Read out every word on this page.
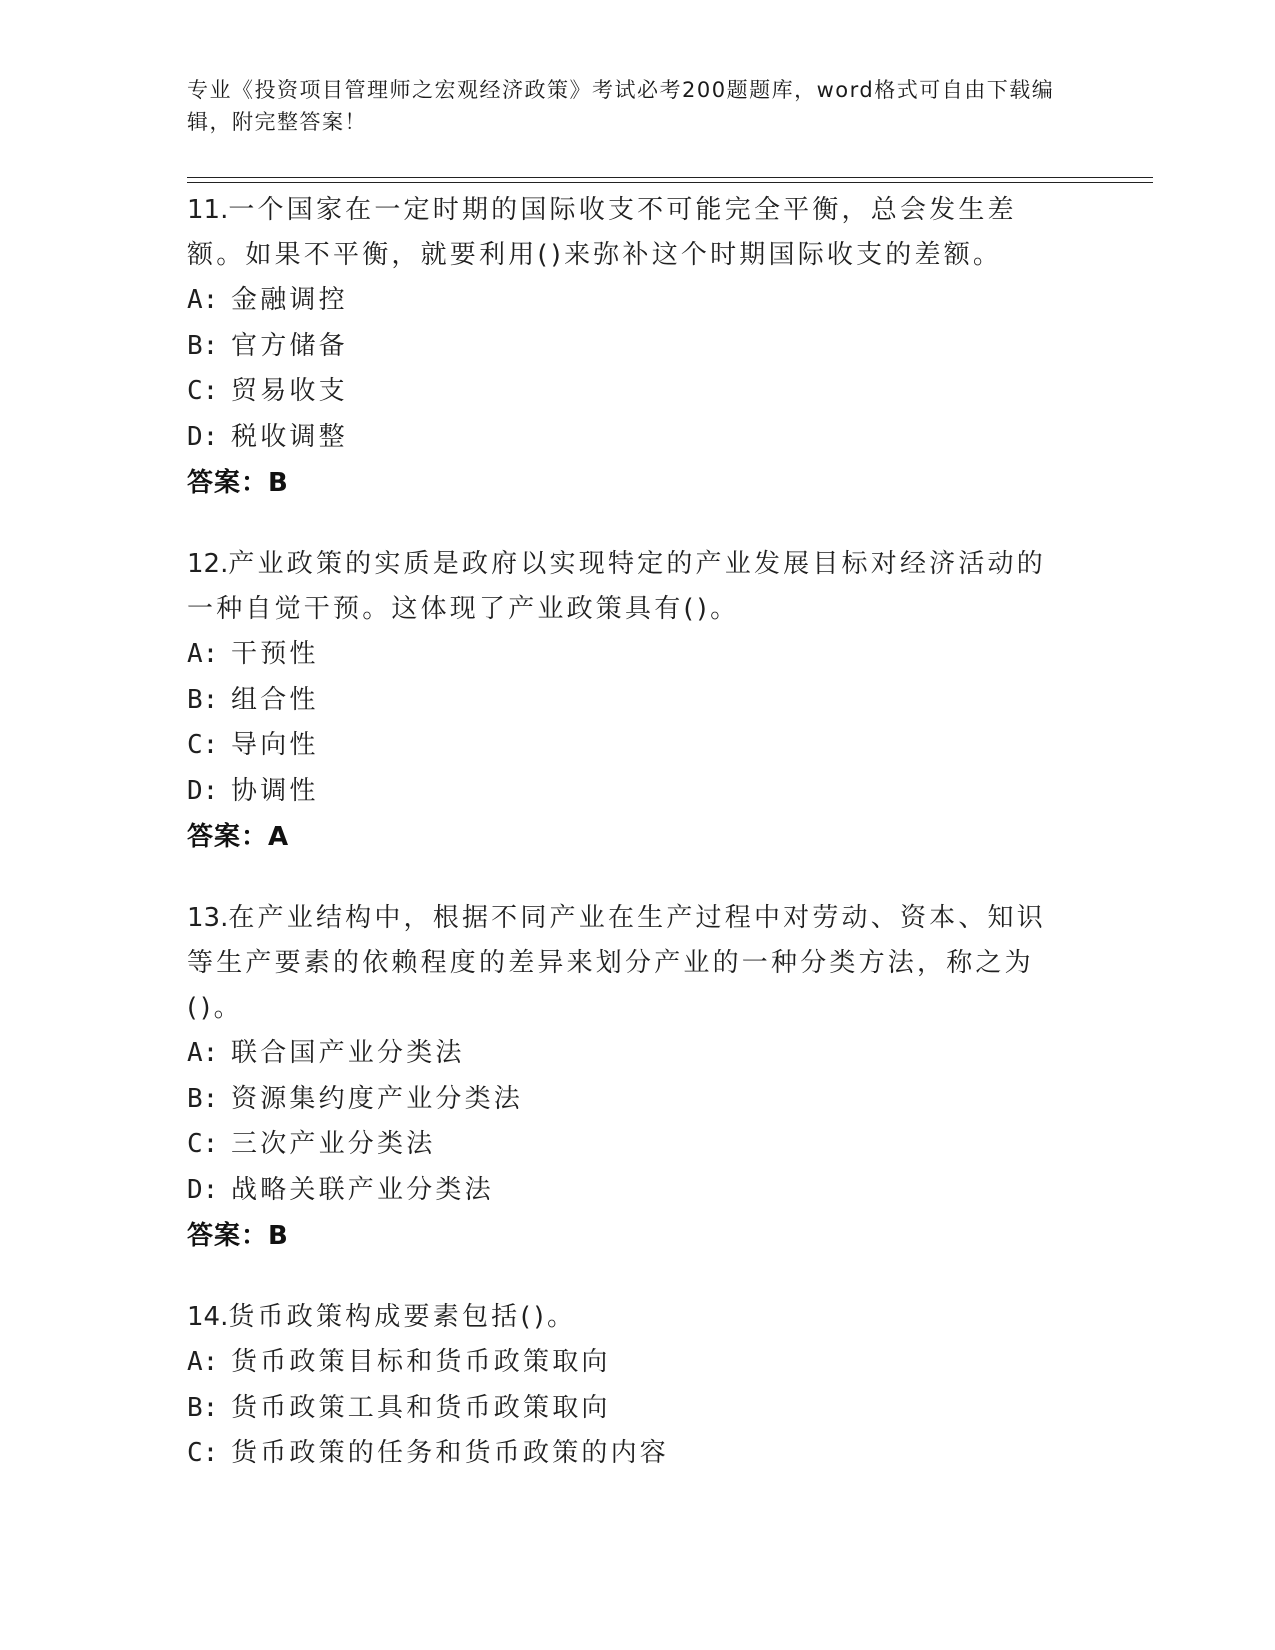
专业《投资项目管理师之宏观经济政策》考试必考200题题库，word格式可自由下载编辑，附完整答案！
11.一个国家在一定时期的国际收支不可能完全平衡，总会发生差额。如果不平衡，就要利用()来弥补这个时期国际收支的差额。
A: 金融调控
B: 官方储备
C: 贸易收支
D: 税收调整
答案：B
12.产业政策的实质是政府以实现特定的产业发展目标对经济活动的一种自觉干预。这体现了产业政策具有()。
A: 干预性
B: 组合性
C: 导向性
D: 协调性
答案：A
13.在产业结构中，根据不同产业在生产过程中对劳动、资本、知识等生产要素的依赖程度的差异来划分产业的一种分类方法，称之为()。
A: 联合国产业分类法
B: 资源集约度产业分类法
C: 三次产业分类法
D: 战略关联产业分类法
答案：B
14.货币政策构成要素包括()。
A: 货币政策目标和货币政策取向
B: 货币政策工具和货币政策取向
C: 货币政策的任务和货币政策的内容
